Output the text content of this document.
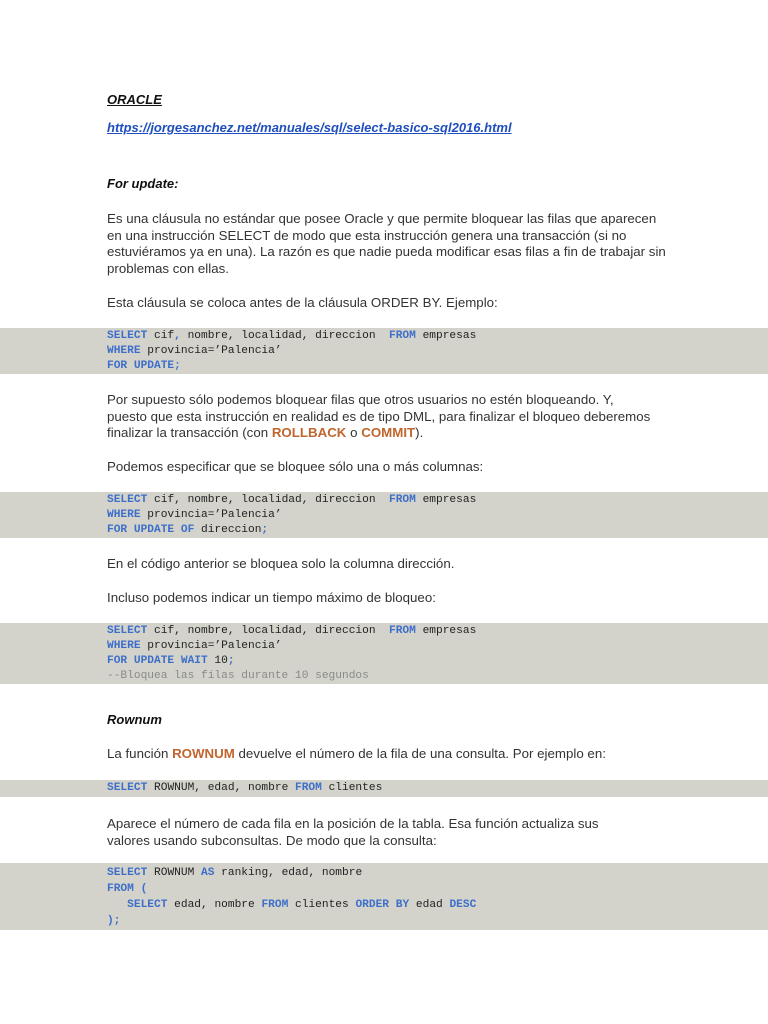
ORACLE
https://jorgesanchez.net/manuales/sql/select-basico-sql2016.html
For update:
Es una cláusula no estándar que posee Oracle y que permite bloquear las filas que aparecen en una instrucción SELECT de modo que esta instrucción genera una transacción (si no estuviéramos ya en una). La razón es que nadie pueda modificar esas filas a fin de trabajar sin problemas con ellas.
Esta cláusula se coloca antes de la cláusula ORDER BY. Ejemplo:
SELECT cif, nombre, localidad, direccion  FROM empresas
WHERE provincia=’Palencia’
FOR UPDATE;
Por supuesto sólo podemos bloquear filas que otros usuarios no estén bloqueando. Y, puesto que esta instrucción en realidad es de tipo DML, para finalizar el bloqueo deberemos finalizar la transacción (con ROLLBACK o COMMIT).
Podemos especificar que se bloquee sólo una o más columnas:
SELECT cif, nombre, localidad, direccion  FROM empresas
WHERE provincia=’Palencia’
FOR UPDATE OF direccion;
En el código anterior se bloquea solo la columna dirección.
Incluso podemos indicar un tiempo máximo de bloqueo:
SELECT cif, nombre, localidad, direccion  FROM empresas
WHERE provincia=’Palencia’
FOR UPDATE WAIT 10;
--Bloquea las filas durante 10 segundos
Rownum
La función ROWNUM devuelve el número de la fila de una consulta. Por ejemplo en:
SELECT ROWNUM, edad, nombre FROM clientes
Aparece el número de cada fila en la posición de la tabla. Esa función actualiza sus valores usando subconsultas. De modo que la consulta:
SELECT ROWNUM AS ranking, edad, nombre
FROM (
SELECT edad, nombre FROM clientes ORDER BY edad DESC
);
